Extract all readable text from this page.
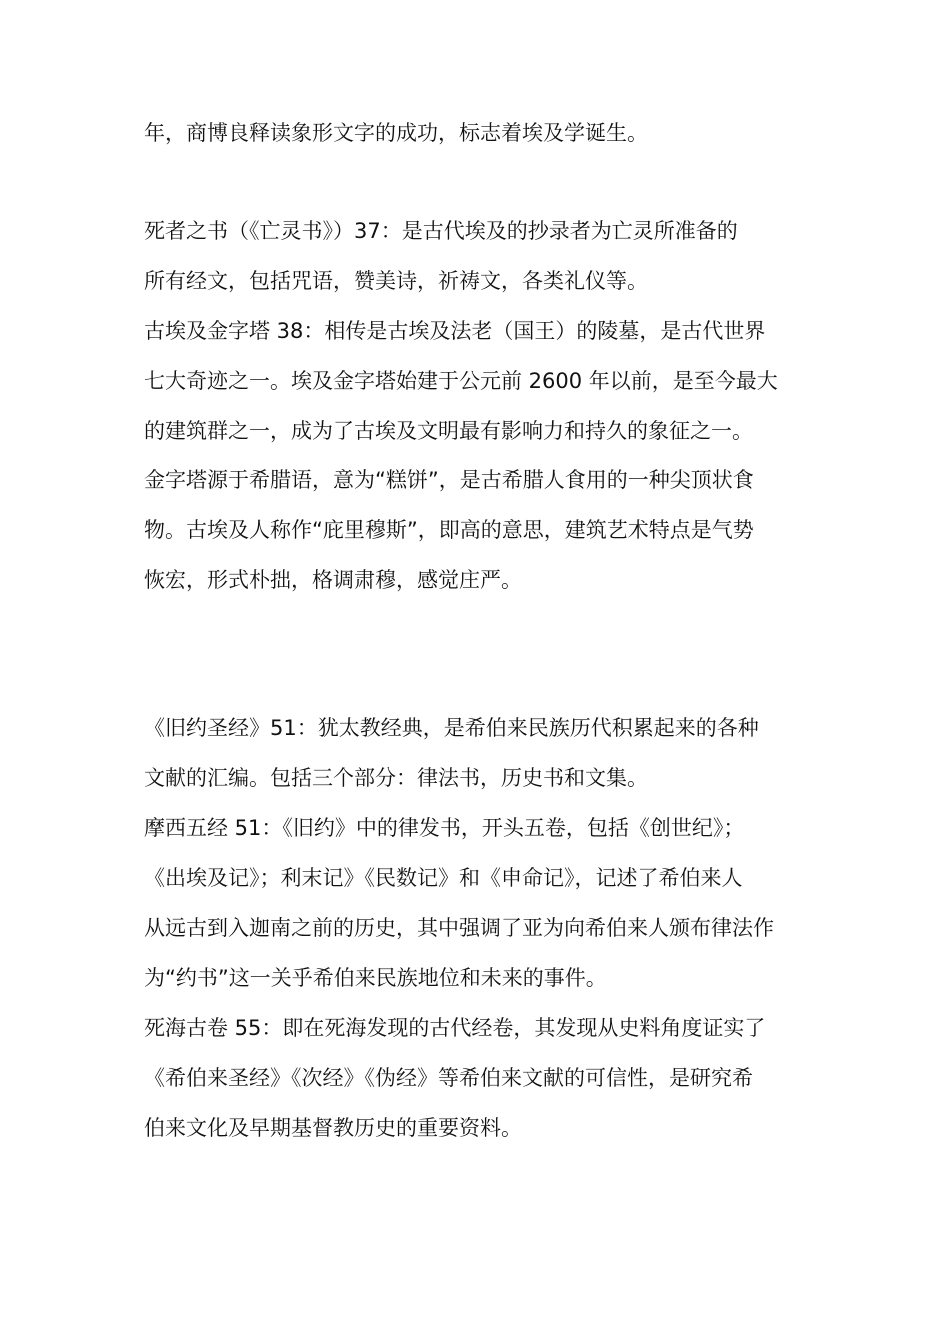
年，商博良释读象形文字的成功，标志着埃及学诞生。
死者之书（《亡灵书》）37：是古代埃及的抄录者为亡灵所准备的
所有经文，包括咒语，赞美诗，祈祷文，各类礼仪等。
古埃及金字塔 38：相传是古埃及法老（国王）的陵墓，是古代世界
七大奇迹之一。埃及金字塔始建于公元前 2600 年以前，是至今最大
的建筑群之一，成为了古埃及文明最有影响力和持久的象征之一。
金字塔源于希腊语，意为“糕饼”，是古希腊人食用的一种尖顶状食
物。古埃及人称作“庇里穆斯”，即高的意思，建筑艺术特点是气势
恢宏，形式朴拙，格调肃穆，感觉庄严。
《旧约圣经》51：犹太教经典，是希伯来民族历代积累起来的各种
文献的汇编。包括三个部分：律法书，历史书和文集。
摩西五经 51：《旧约》中的律发书，开头五卷，包括《创世纪》；
《出埃及记》；利末记》《民数记》和《申命记》，记述了希伯来人
从远古到入迦南之前的历史，其中强调了亚为向希伯来人颁布律法作
为“约书”这一关乎希伯来民族地位和未来的事件。
死海古卷 55：即在死海发现的古代经卷，其发现从史料角度证实了
《希伯来圣经》《次经》《伪经》等希伯来文献的可信性，是研究希
伯来文化及早期基督教历史的重要资料。
